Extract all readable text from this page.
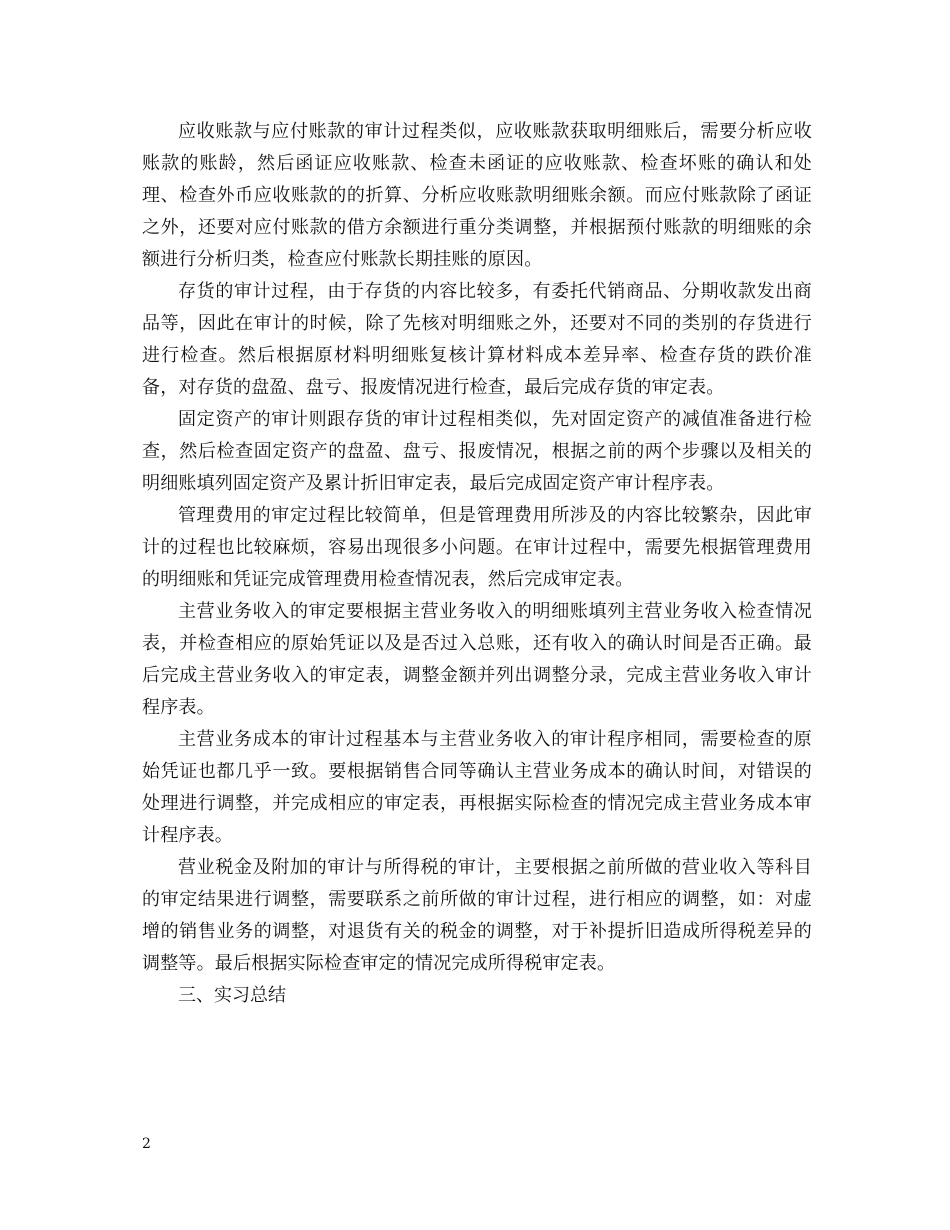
应收账款与应付账款的审计过程类似，应收账款获取明细账后，需要分析应收账款的账龄，然后函证应收账款、检查未函证的应收账款、检查坏账的确认和处理、检查外币应收账款的的折算、分析应收账款明细账余额。而应付账款除了函证之外，还要对应付账款的借方余额进行重分类调整，并根据预付账款的明细账的余额进行分析归类，检查应付账款长期挂账的原因。

存货的审计过程，由于存货的内容比较多，有委托代销商品、分期收款发出商品等，因此在审计的时候，除了先核对明细账之外，还要对不同的类别的存货进行进行检查。然后根据原材料明细账复核计算材料成本差异率、检查存货的跌价准备，对存货的盘盈、盘亏、报废情况进行检查，最后完成存货的审定表。

固定资产的审计则跟存货的审计过程相类似，先对固定资产的减值准备进行检查，然后检查固定资产的盘盈、盘亏、报废情况，根据之前的两个步骤以及相关的明细账填列固定资产及累计折旧审定表，最后完成固定资产审计程序表。

管理费用的审定过程比较简单，但是管理费用所涉及的内容比较繁杂，因此审计的过程也比较麻烦，容易出现很多小问题。在审计过程中，需要先根据管理费用的明细账和凭证完成管理费用检查情况表，然后完成审定表。

主营业务收入的审定要根据主营业务收入的明细账填列主营业务收入检查情况表，并检查相应的原始凭证以及是否过入总账，还有收入的确认时间是否正确。最后完成主营业务收入的审定表，调整金额并列出调整分录，完成主营业务收入审计程序表。

主营业务成本的审计过程基本与主营业务收入的审计程序相同，需要检查的原始凭证也都几乎一致。要根据销售合同等确认主营业务成本的确认时间，对错误的处理进行调整，并完成相应的审定表，再根据实际检查的情况完成主营业务成本审计程序表。

营业税金及附加的审计与所得税的审计，主要根据之前所做的营业收入等科目的审定结果进行调整，需要联系之前所做的审计过程，进行相应的调整，如：对虚增的销售业务的调整，对退货有关的税金的调整，对于补提折旧造成所得税差异的调整等。最后根据实际检查审定的情况完成所得税审定表。

三、实习总结

2
